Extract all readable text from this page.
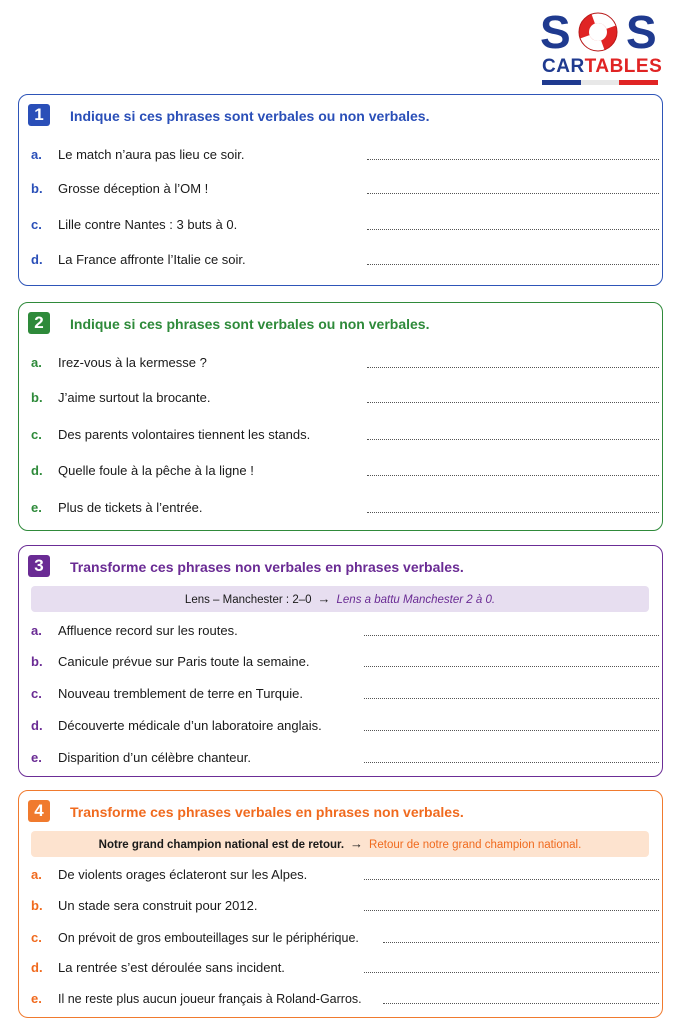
S S
CARTABLES
1	Indique si ces phrases sont verbales ou non verbales.
a.	Le match n’aura pas lieu ce soir.
b.	Grosse déception à l’OM !
c.	Lille contre Nantes : 3 buts à 0.
d.	La France affronte l’Italie ce soir.
2	Indique si ces phrases sont verbales ou non verbales.
a.	Irez-vous à la kermesse ?
b.	J’aime surtout la brocante.
c.	Des parents volontaires tiennent les stands.
d.	Quelle foule à la pêche à la ligne !
e.	Plus de tickets à l’entrée.
3	Transforme ces phrases non verbales en phrases verbales.
Lens – Manchester : 2–0 → Lens a battu Manchester 2 à 0.
a.	Affluence record sur les routes.
b.	Canicule prévue sur Paris toute la semaine.
c.	Nouveau tremblement de terre en Turquie.
d.	Découverte médicale d’un laboratoire anglais.
e.	Disparition d’un célèbre chanteur.
4	Transforme ces phrases verbales en phrases non verbales.
Notre grand champion national est de retour. → Retour de notre grand champion national.
a.	De violents orages éclateront sur les Alpes.
b.	Un stade sera construit pour 2012.
c.	On prévoit de gros embouteillages sur le périphérique.
d.	La rentrée s’est déroulée sans incident.
e.	Il ne reste plus aucun joueur français à Roland-Garros.
